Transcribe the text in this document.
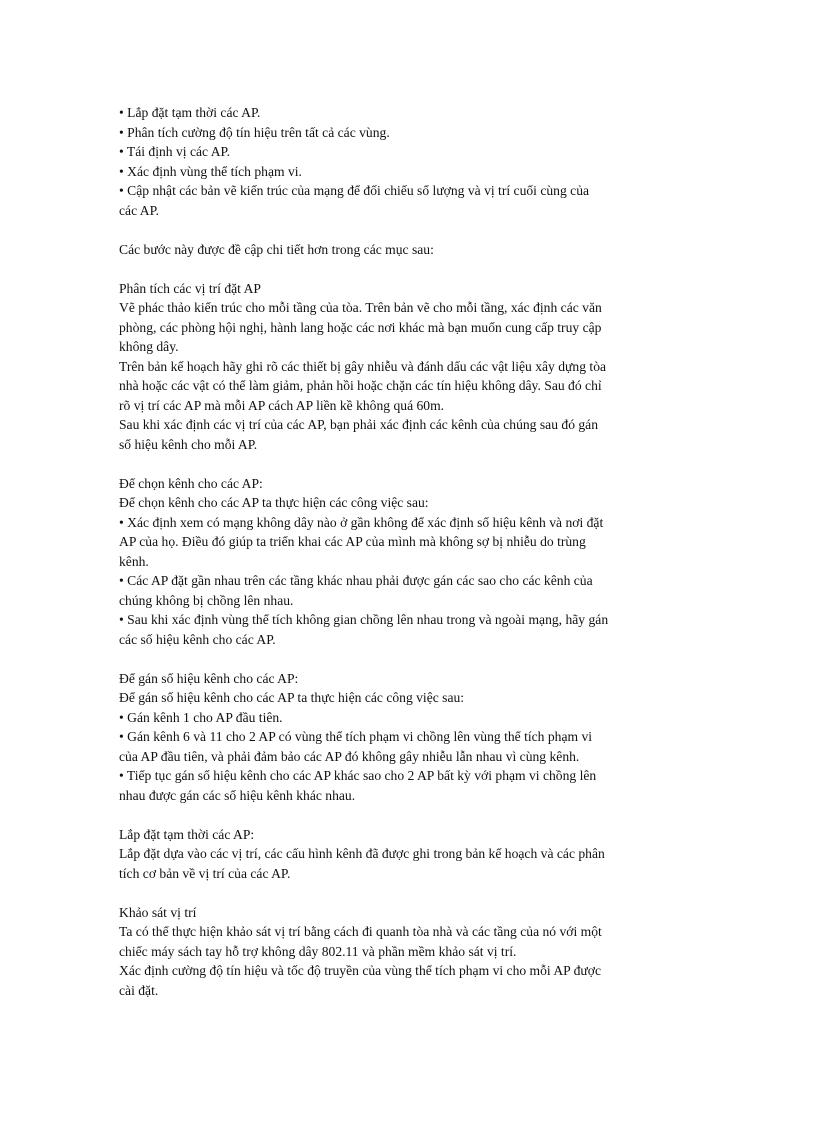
• Lắp đặt tạm thời các AP.
• Phân tích cường độ tín hiệu trên tất cả các vùng.
• Tái định vị các AP.
• Xác định vùng thể tích phạm vi.
• Cập nhật các bản vẽ kiến trúc của mạng để đối chiếu số lượng và vị trí cuối cùng của
các AP.
Các bước này được đề cập chi tiết hơn trong các mục sau:
Phân tích các vị trí đặt AP
Vẽ phác thảo kiến trúc cho mỗi tầng của tòa. Trên bản vẽ cho mỗi tầng, xác định các văn
phòng, các phòng hội nghị, hành lang hoặc các nơi khác mà bạn muốn cung cấp truy cập
không dây.
Trên bản kế hoạch hãy ghi rõ các thiết bị gây nhiễu và đánh dấu các vật liệu xây dựng tòa
nhà hoặc các vật có thể làm giảm, phản hồi hoặc chặn các tín hiệu không dây. Sau đó chỉ
rõ vị trí các AP mà mỗi AP cách AP liền kề không quá 60m.
Sau khi xác định các vị trí của các AP, bạn phải xác định các kênh của chúng sau đó gán
số hiệu kênh cho mỗi AP.
Để chọn kênh cho các AP:
Để chọn kênh cho các AP ta thực hiện các công việc sau:
• Xác định xem có mạng không dây nào ở gần không để xác định số hiệu kênh và nơi đặt
AP của họ. Điều đó giúp ta triển khai các AP của mình mà không sợ bị nhiễu do trùng
kênh.
• Các AP đặt gần nhau trên các tầng khác nhau phải được gán các sao cho các kênh của
chúng không bị chồng lên nhau.
• Sau khi xác định vùng thể tích không gian chồng lên nhau trong và ngoài mạng, hãy gán
các số hiệu kênh cho các AP.
Để gán số hiệu kênh cho các AP:
Để gán số hiệu kênh cho các AP ta thực hiện các công việc sau:
• Gán kênh 1 cho AP đầu tiên.
• Gán kênh 6 và 11 cho 2 AP có vùng thể tích phạm vi chồng lên vùng thể tích phạm vi
của AP đầu tiên, và phải đảm bảo các AP đó không gây nhiễu lẫn nhau vì cùng kênh.
• Tiếp tục gán số hiệu kênh cho các AP khác sao cho 2 AP bất kỳ với phạm vi chồng lên
nhau được gán các số hiệu kênh khác nhau.
Lắp đặt tạm thời các AP:
Lắp đặt dựa vào các vị trí, các cấu hình kênh đã được ghi trong bản kế hoạch và các phân
tích cơ bản về vị trí của các AP.
Khảo sát vị trí
Ta có thể thực hiện khảo sát vị trí bằng cách đi quanh tòa nhà và các tầng của nó với một
chiếc máy sách tay hỗ trợ không dây 802.11 và phần mềm khảo sát vị trí.
Xác định cường độ tín hiệu và tốc độ truyền của vùng thể tích phạm vi cho mỗi AP được
cài đặt.
